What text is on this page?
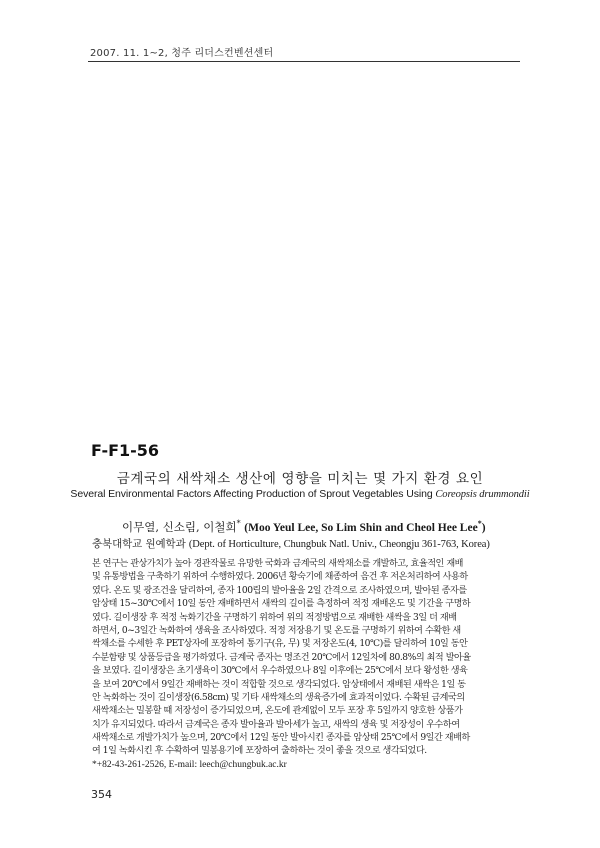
2007. 11. 1~2, 청주 리더스컨벤션센터
F-F1-56
금계국의 새싹채소 생산에 영향을 미치는 몇 가지 환경 요인
Several Environmental Factors Affecting Production of Sprout Vegetables Using Coreopsis drummondii
이무열, 신소림, 이철희* (Moo Yeul Lee, So Lim Shin and Cheol Hee Lee*)
충북대학교 원예학과 (Dept. of Horticulture, Chungbuk Natl. Univ., Cheongju 361-763, Korea)
본 연구는 관상가치가 높아 경관작물로 유망한 국화과 금계국의 새싹채소를 개발하고, 효율적인 재배
및 유통방법을 구축하기 위하여 수행하였다. 2006년 황숙기에 채종하여 음건 후 저온처리하여 사용하
였다. 온도 및 광조건을 달리하여, 종자 100립의 발아율을 2일 간격으로 조사하였으며, 발아된 종자를
암상태 15~30℃에서 10일 동안 재배하면서 새싹의 길이를 측정하여 적정 재배온도 및 기간을 구명하
였다. 길이생장 후 적정 녹화기간을 구명하기 위하여 위의 적정방법으로 재배한 새싹을 3일 더 재배
하면서, 0~3일간 녹화하여 생육을 조사하였다. 적정 저장용기 및 온도를 구명하기 위하여 수확한 새
싹채소를 수세한 후 PET상자에 포장하여 통기구(유, 무) 및 저장온도(4, 10℃)를 달리하여 10일 동안
수분함량 및 상품등급을 평가하였다. 금계국 종자는 명조건 20℃에서 12일차에 80.8%의 최적 발아율
을 보였다. 길이생장은 초기생육이 30℃에서 우수하였으나 8일 이후에는 25℃에서 보다 왕성한 생육
을 보여 20℃에서 9일간 재배하는 것이 적합할 것으로 생각되었다. 암상태에서 재배된 새싹은 1일 동
안 녹화하는 것이 길이생장(6.58cm) 및 기타 새싹채소의 생육증가에 효과적이었다. 수확된 금계국의
새싹채소는 밀봉할 때 저장성이 증가되었으며, 온도에 관계없이 모두 포장 후 5일까지 양호한 상품가
치가 유지되었다. 따라서 금계국은 종자 발아율과 발아세가 높고, 새싹의 생육 및 저장성이 우수하여
새싹채소로 개발가치가 높으며, 20℃에서 12일 동안 발아시킨 종자를 암상태 25℃에서 9일간 재배하
여 1일 녹화시킨 후 수확하여 밀봉용기에 포장하여 출하하는 것이 좋을 것으로 생각되었다.
*+82-43-261-2526, E-mail: leech@chungbuk.ac.kr
354
